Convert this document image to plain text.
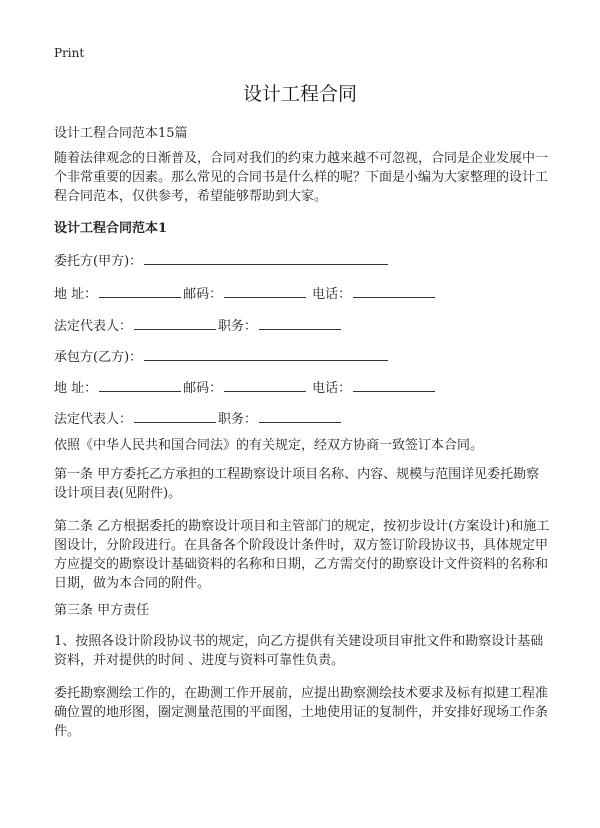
Print
设计工程合同
设计工程合同范本15篇
随着法律观念的日渐普及，合同对我们的约束力越来越不可忽视，合同是企业发展中一个非常重要的因素。那么常见的合同书是什么样的呢？下面是小编为大家整理的设计工程合同范本，仅供参考，希望能够帮助到大家。
设计工程合同范本1
委托方(甲方)：
地 址：	邮码：	电话：
法定代表人：	职务：
承包方(乙方)：
地 址：	邮码：	电话：
法定代表人：	职务：
依照《中华人民共和国合同法》的有关规定，经双方协商一致签订本合同。
第一条 甲方委托乙方承担的工程勘察设计项目名称、内容、规模与范围详见委托勘察设计项目表(见附件)。
第二条 乙方根据委托的勘察设计项目和主管部门的规定，按初步设计(方案设计)和施工图设计，分阶段进行。在具备各个阶段设计条件时，双方签订阶段协议书，具体规定甲方应提交的勘察设计基础资料的名称和日期，乙方需交付的勘察设计文件资料的名称和日期，做为本合同的附件。
第三条 甲方责任
1、按照各设计阶段协议书的规定，向乙方提供有关建设项目审批文件和勘察设计基础资料，并对提供的时间 、进度与资料可靠性负责。
委托勘察测绘工作的，在勘测工作开展前，应提出勘察测绘技术要求及标有拟建工程准确位置的地形图，圈定测量范围的平面图，土地使用证的复制件，并安排好现场工作条件。
